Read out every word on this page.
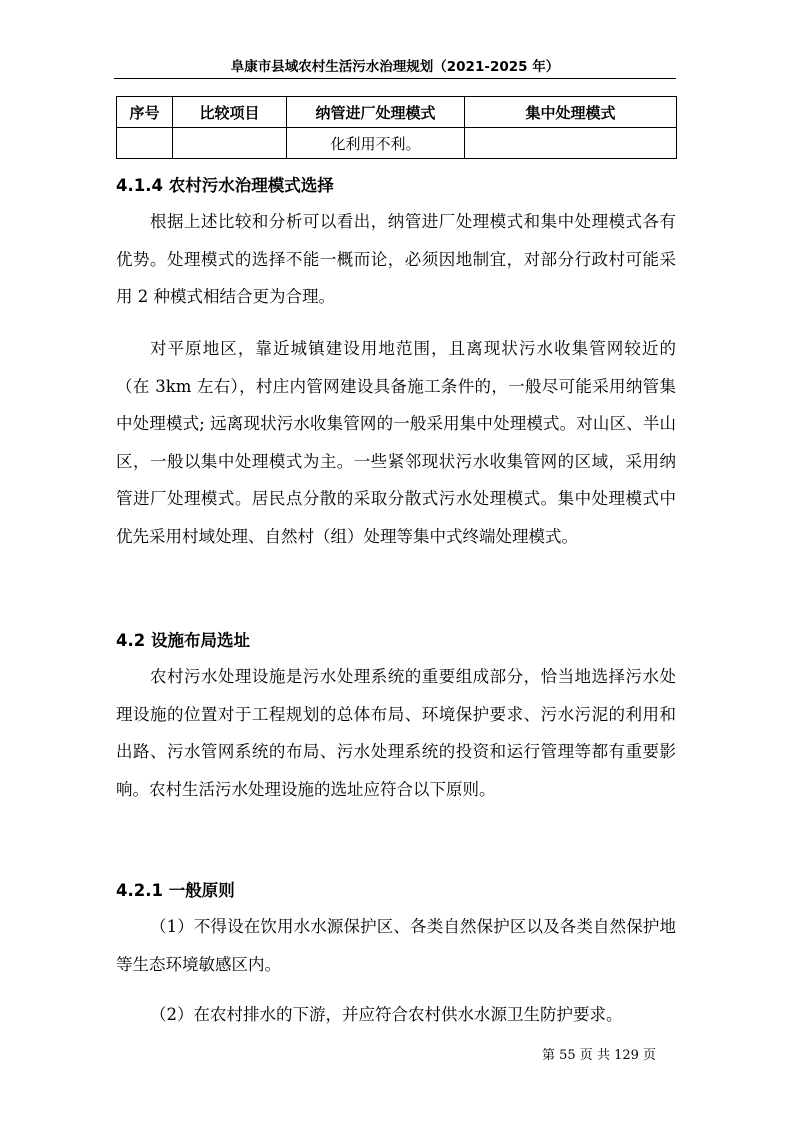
阜康市县域农村生活污水治理规划（2021-2025 年）
序号	比较项目	纳管进厂处理模式	集中处理模式
		化利用不利。	
4.1.4 农村污水治理模式选择

根据上述比较和分析可以看出，纳管进厂处理模式和集中处理模式各有优势。处理模式的选择不能一概而论，必须因地制宜，对部分行政村可能采用 2 种模式相结合更为合理。

对平原地区，靠近城镇建设用地范围，且离现状污水收集管网较近的（在 3km 左右），村庄内管网建设具备施工条件的，一般尽可能采用纳管集中处理模式; 远离现状污水收集管网的一般采用集中处理模式。对山区、半山区，一般以集中处理模式为主。一些紧邻现状污水收集管网的区域，采用纳管进厂处理模式。居民点分散的采取分散式污水处理模式。集中处理模式中优先采用村域处理、自然村（组）处理等集中式终端处理模式。

4.2 设施布局选址

农村污水处理设施是污水处理系统的重要组成部分，恰当地选择污水处理设施的位置对于工程规划的总体布局、环境保护要求、污水污泥的利用和出路、污水管网系统的布局、污水处理系统的投资和运行管理等都有重要影响。农村生活污水处理设施的选址应符合以下原则。

4.2.1 一般原则

（1）不得设在饮用水水源保护区、各类自然保护区以及各类自然保护地等生态环境敏感区内。

（2）在农村排水的下游，并应符合农村供水水源卫生防护要求。

第 55 页 共 129 页
